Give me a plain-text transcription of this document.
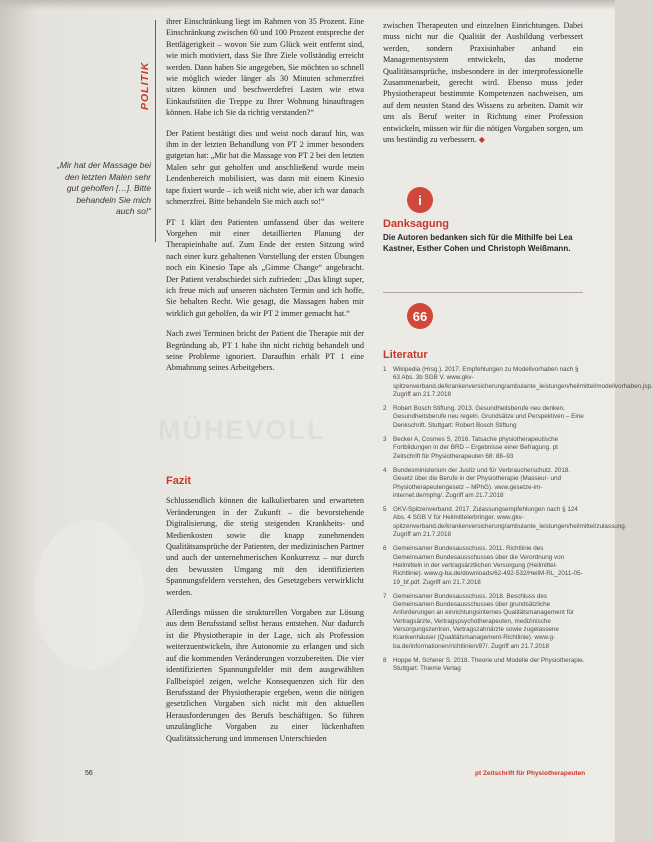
MÜHEVOLL
POLITIK
„Mir hat der Massage bei den letzten Malen sehr gut geholfen […]. Bitte behandeln Sie mich auch so!“

ihrer Einschränkung liegt im Rahmen von 35 Prozent. Eine Einschränkung zwischen 60 und 100 Prozent entspreche der Bettlägerigkeit – wovon Sie zum Glück weit entfernt sind, wie mich motiviert, dass Sie Ihre Ziele vollständig erreicht werden. Dann haben Sie angegeben, Sie möchten so schnell wie möglich wieder länger als 30 Minuten schmerzfrei sitzen können und beschwerdefrei Lasten wie etwa Einkaufstüten die Treppe zu Ihrer Wohnung hinauftragen können. Habe ich Sie da richtig verstanden?“

Der Patient bestätigt dies und weist noch darauf hin, was ihm in der letzten Behandlung von PT 2 immer besonders gutgetan hat: „Mir hat die Massage von PT 2 bei den letzten Malen sehr gut geholfen und anschließend wurde mein Lendenbereich mobilisiert, was dann mit einem Kinesio tape fixiert wurde – ich weiß nicht wie, aber ich war danach schmerzfrei. Bitte behandeln Sie mich auch so!“

PT 1 klärt den Patienten umfassend über das weitere Vorgehen mit einer detaillierten Planung der Therapieinhalte auf. Zum Ende der ersten Sitzung wird nach einer kurz gehaltenen Vorstellung der ersten Übungen noch ein Kinesio Tape als „Gimme Change“ angebracht. Der Patient verabschiedet sich zufrieden: „Das klingt super, ich freue mich auf unseren nächsten Termin und ich hoffe, Sie behalten Recht. Wie gesagt, die Massagen haben mir wirklich gut geholfen, da wir PT 2 immer gemacht hat.“

Nach zwei Terminen bricht der Patient die Therapie mit der Begründung ab, PT 1 habe ihn nicht richtig behandelt und seine Probleme ignoriert. Daraufhin erhält PT 1 eine Abmahnung seines Arbeitgebers.

Fazit

Schlussendlich können die kalkulierbaren und erwarteten Veränderungen in der Zukunft – die bevorstehende Digitalisierung, die stetig steigenden Krankheits- und Medienkosten sowie die knapp zunehmenden Qualitätsansprüche der Patienten, der medizinischen Partner und auch der unternehmerischen Konkurrenz – nur durch den bewussten Umgang mit den identifizierten Spannungsfeldern verstehen, des Gesetzgebers verwirklicht werden.

Allerdings müssen die strukturellen Vorgaben zur Lösung aus dem Berufsstand selbst heraus entstehen. Nur dadurch ist die Physiotherapie in der Lage, sich als Profession weiterzuentwickeln, ihre Autonomie zu erlangen und sich auf die kommenden Veränderungen vorzubereiten. Die vier identifizierten Spannungsfelder mit dem ausgewählten Fallbeispiel zeigen, welche Konsequenzen sich für den Berufsstand der Physiotherapie ergeben, wenn die nötigen gesetzlichen Vorgaben sich nicht mit den aktuellen Herausforderungen des Berufs beschäftigen. So führen unzulängliche Vorgaben zu einer lückenhaften Qualitätssicherung und immensen Unterschieden

zwischen Therapeuten und einzelnen Einrichtungen. Dabei muss nicht nur die Qualität der Ausbildung verbessert werden, sondern Praxisinhaber anhand ein Managementsystem entwickeln, das moderne Qualitätsansprüche, insbesondere in der interprofessionelle Zusammenarbeit, gerecht wird. Ebenso muss jeder Physiotherapeut bestimmte Kompetenzen nachweisen, um auf dem neusten Stand des Wissens zu arbeiten. Damit wir uns als Beruf weiter in Richtung einer Profession entwickeln, müssen wir für die nötigen Vorgaben sorgen, um uns beständig zu verbessern. ◆

i
Danksagung
Die Autoren bedanken sich für die Mithilfe bei Lea Kastner, Esther Cohen und Christoph Weißmann.
66
Literatur
1 Wikipedia (Hrsg.). 2017. Empfehlungen zu Modellvorhaben nach § 63 Abs. 3b SGB V. www.gkv-spitzenverband.de/krankenversicherung/ambulante_leistungen/heilmittel/modellvorhaben.jsp. Zugriff am 21.7.2018
2 Robert Bosch Stiftung. 2013. Gesundheitsberufe neu denken, Gesundheitsberufe neu regeln. Grundsätze und Perspektiven – Eine Denkschrift. Stuttgart: Robert Bosch Stiftung
3 Becker A, Cosmes S. 2016. Tatsache physiotherapeutische Fortbildungen in der BRD – Ergebnisse einer Befragung. pt Zeitschrift für Physiotherapeuten 68: 88–93
4 Bundesministerium der Justiz und für Verbraucherschutz. 2018. Gesetz über die Berufe in der Physiotherapie (Masseur- und Physiotherapeutengesetz – MPhG). www.gesetze-im-internet.de/mphg/. Zugriff am 21.7.2018
5 GKV-Spitzenverband. 2017. Zulassungsempfehlungen nach § 124 Abs. 4 SGB V für Heilmittelerbringer. www.gkv-spitzenverband.de/krankenversicherung/ambulante_leistungen/heilmittel/zulassung. Zugriff am 21.7.2018
6 Gemeinsamer Bundesausschuss. 2011. Richtlinie des Gemeinsamen Bundesausschusses über die Verordnung von Heilmitteln in der vertragsärztlichen Versorgung (Heilmittel-Richtlinie). www.g-ba.de/downloads/62-492-532/HeilM-RL_2011-05-19_bf.pdf. Zugriff am 21.7.2018
7 Gemeinsamer Bundesausschuss. 2018. Beschluss des Gemeinsamen Bundesausschusses über grundsätzliche Anforderungen an einrichtungsinternes Qualitätsmanagement für Vertragsärzte, Vertragspsychotherapeuten, medizinische Versorgungszentren, Vertragszahnärzte sowie zugelassene Krankenhäuser (Qualitätsmanagement-Richtlinie). www.g-ba.de/informationen/richtlinien/87/. Zugriff am 21.7.2018
8 Hoppe M, Scherer S. 2018. Theorie und Modelle der Physiotherapie. Stuttgart: Thieme Verlag
56	pt Zeitschrift für Physiotherapeuten
